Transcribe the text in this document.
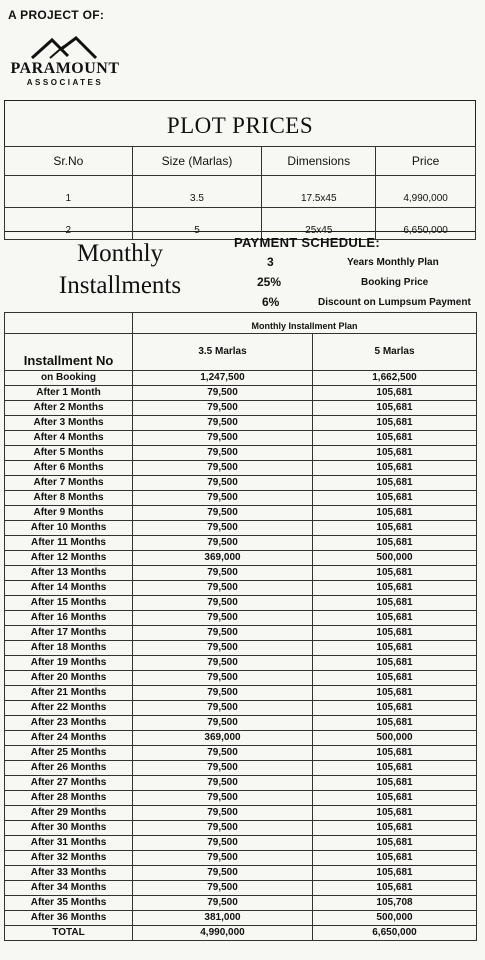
A PROJECT OF:
PARAMOUNT
ASSOCIATES
PLOT PRICES
Sr.No	Size (Marlas)	Dimensions	Price
1	3.5	17.5x45	4,990,000
2	5	25x45	6,650,000
Monthly
Installments
PAYMENT SCHEDULE:
3	Years Monthly Plan
25%	Booking Price
6%	Discount on Lumpsum Payment
	Monthly Installment Plan	
Installment No	3.5 Marlas	5 Marlas
on Booking	1,247,500	1,662,500
After 1 Month	79,500	105,681
After 2 Months	79,500	105,681
After 3 Months	79,500	105,681
After 4 Months	79,500	105,681
After 5 Months	79,500	105,681
After 6 Months	79,500	105,681
After 7 Months	79,500	105,681
After 8 Months	79,500	105,681
After 9 Months	79,500	105,681
After 10 Months	79,500	105,681
After 11 Months	79,500	105,681
After 12 Months	369,000	500,000
After 13 Months	79,500	105,681
After 14 Months	79,500	105,681
After 15 Months	79,500	105,681
After 16 Months	79,500	105,681
After 17 Months	79,500	105,681
After 18 Months	79,500	105,681
After 19 Months	79,500	105,681
After 20 Months	79,500	105,681
After 21 Months	79,500	105,681
After 22 Months	79,500	105,681
After 23 Months	79,500	105,681
After 24 Months	369,000	500,000
After 25 Months	79,500	105,681
After 26 Months	79,500	105,681
After 27 Months	79,500	105,681
After 28 Months	79,500	105,681
After 29 Months	79,500	105,681
After 30 Months	79,500	105,681
After 31 Months	79,500	105,681
After 32 Months	79,500	105,681
After 33 Months	79,500	105,681
After 34 Months	79,500	105,681
After 35 Months	79,500	105,708
After 36 Months	381,000	500,000
TOTAL	4,990,000	6,650,000
